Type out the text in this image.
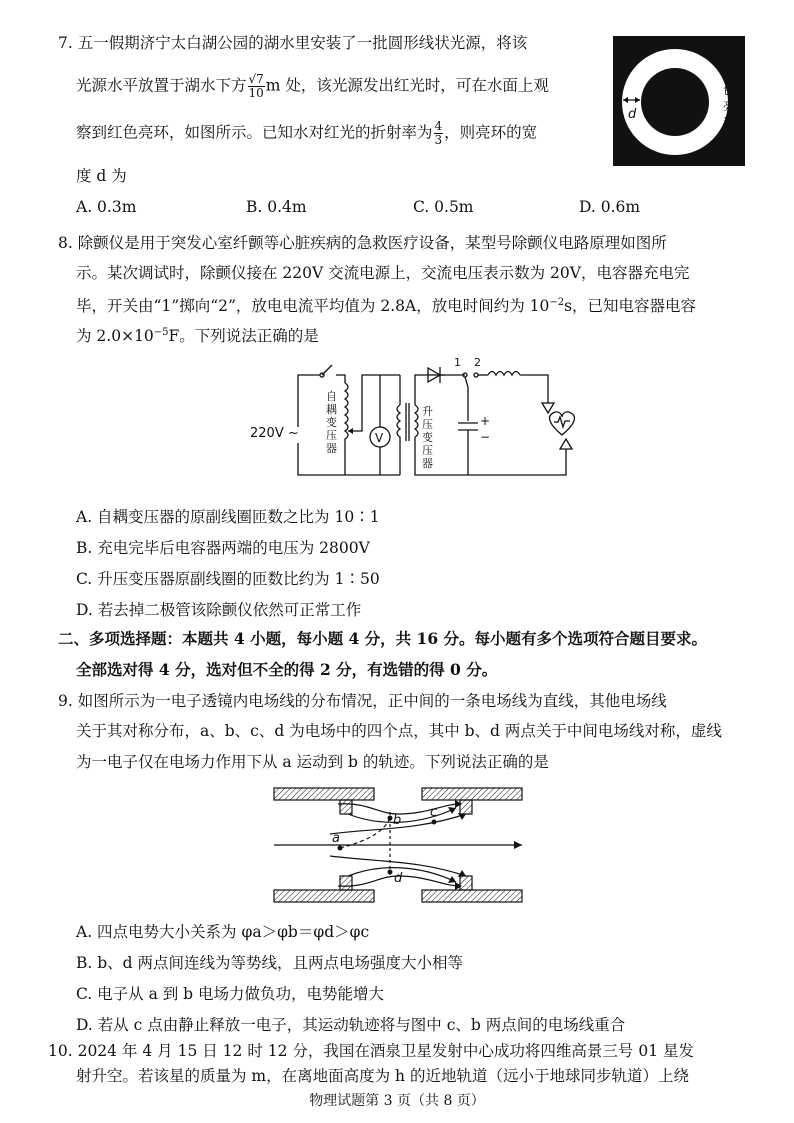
7. 五一假期济宁太白湖公园的湖水里安装了一批圆形线状光源，将该
光源水平放置于湖水下方 $\frac{√7}{10}$ m 处，该光源发出红光时，可在水面上观
察到红色亮环，如图所示。已知水对红光的折射率为 $\frac{4}{3}$ ，则亮环的宽
度 d 为
A. 0.3m	B. 0.4m	C. 0.5m	D. 0.6m
d
红
色
亮
环
8. 除颤仪是用于突发心室纤颤等心脏疾病的急救医疗设备，某型号除颤仪电路原理如图所
示。某次调试时，除颤仪接在 220V 交流电源上，交流电压表示数为 20V，电容器充电完
毕，开关由“1”掷向“2”，放电电流平均值为 2.8A，放电时间约为 $10^{-2}s$，已知电容器电容
为 $2.0\times 10^{-5}F$。下列说法正确的是
220V ~
自
耦
变
压
器
V
升
压
变
压
器
1 2
+
−
A. 自耦变压器的原副线圈匝数之比为 10∶1
B. 充电完毕后电容器两端的电压为 2800V
C. 升压变压器原副线圈的匝数比约为 1∶50
D. 若去掉二极管该除颤仪依然可正常工作
二、多项选择题：本题共 4 小题，每小题 4 分，共 16 分。每小题有多个选项符合题目要求。
全部选对得 4 分，选对但不全的得 2 分，有选错的得 0 分。
9. 如图所示为一电子透镜内电场线的分布情况，正中间的一条电场线为直线，其他电场线
关于其对称分布，a、b、c、d 为电场中的四个点，其中 b、d 两点关于中间电场线对称，虚线
为一电子仅在电场力作用下从 a 运动到 b 的轨迹。下列说法正确的是
a
b
c
d
A. 四点电势大小关系为 φa＞φb＝φd＞φc
B. b、d 两点间连线为等势线，且两点电场强度大小相等
C. 电子从 a 到 b 电场力做负功，电势能增大
D. 若从 c 点由静止释放一电子，其运动轨迹将与图中 c、b 两点间的电场线重合
10. 2024 年 4 月 15 日 12 时 12 分，我国在酒泉卫星发射中心成功将四维高景三号 01 星发
射升空。若该星的质量为 m，在离地面高度为 h 的近地轨道（远小于地球同步轨道）上绕
物理试题第 3 页（共 8 页）
